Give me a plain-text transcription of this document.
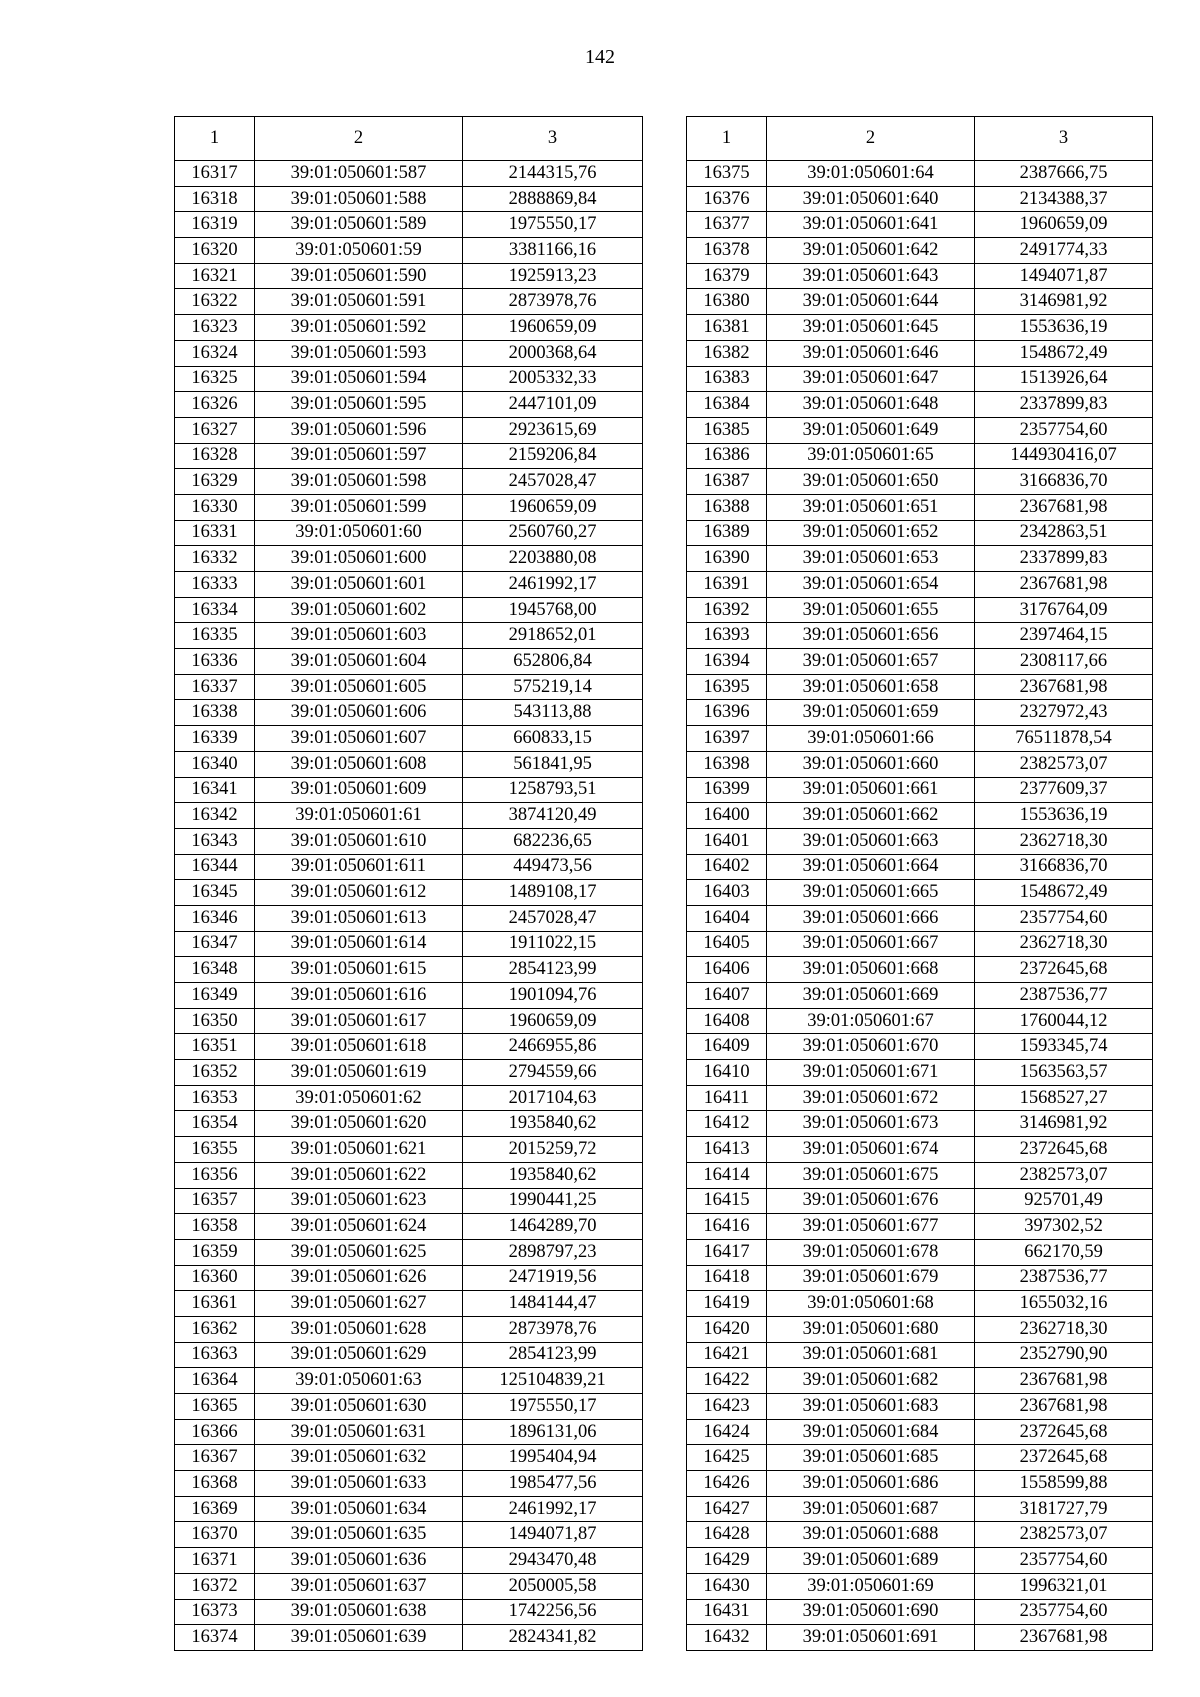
142
1	2	3
16317	39:01:050601:587	2144315,76
16318	39:01:050601:588	2888869,84
16319	39:01:050601:589	1975550,17
16320	39:01:050601:59	3381166,16
16321	39:01:050601:590	1925913,23
16322	39:01:050601:591	2873978,76
16323	39:01:050601:592	1960659,09
16324	39:01:050601:593	2000368,64
16325	39:01:050601:594	2005332,33
16326	39:01:050601:595	2447101,09
16327	39:01:050601:596	2923615,69
16328	39:01:050601:597	2159206,84
16329	39:01:050601:598	2457028,47
16330	39:01:050601:599	1960659,09
16331	39:01:050601:60	2560760,27
16332	39:01:050601:600	2203880,08
16333	39:01:050601:601	2461992,17
16334	39:01:050601:602	1945768,00
16335	39:01:050601:603	2918652,01
16336	39:01:050601:604	652806,84
16337	39:01:050601:605	575219,14
16338	39:01:050601:606	543113,88
16339	39:01:050601:607	660833,15
16340	39:01:050601:608	561841,95
16341	39:01:050601:609	1258793,51
16342	39:01:050601:61	3874120,49
16343	39:01:050601:610	682236,65
16344	39:01:050601:611	449473,56
16345	39:01:050601:612	1489108,17
16346	39:01:050601:613	2457028,47
16347	39:01:050601:614	1911022,15
16348	39:01:050601:615	2854123,99
16349	39:01:050601:616	1901094,76
16350	39:01:050601:617	1960659,09
16351	39:01:050601:618	2466955,86
16352	39:01:050601:619	2794559,66
16353	39:01:050601:62	2017104,63
16354	39:01:050601:620	1935840,62
16355	39:01:050601:621	2015259,72
16356	39:01:050601:622	1935840,62
16357	39:01:050601:623	1990441,25
16358	39:01:050601:624	1464289,70
16359	39:01:050601:625	2898797,23
16360	39:01:050601:626	2471919,56
16361	39:01:050601:627	1484144,47
16362	39:01:050601:628	2873978,76
16363	39:01:050601:629	2854123,99
16364	39:01:050601:63	125104839,21
16365	39:01:050601:630	1975550,17
16366	39:01:050601:631	1896131,06
16367	39:01:050601:632	1995404,94
16368	39:01:050601:633	1985477,56
16369	39:01:050601:634	2461992,17
16370	39:01:050601:635	1494071,87
16371	39:01:050601:636	2943470,48
16372	39:01:050601:637	2050005,58
16373	39:01:050601:638	1742256,56
16374	39:01:050601:639	2824341,82
1	2	3
16375	39:01:050601:64	2387666,75
16376	39:01:050601:640	2134388,37
16377	39:01:050601:641	1960659,09
16378	39:01:050601:642	2491774,33
16379	39:01:050601:643	1494071,87
16380	39:01:050601:644	3146981,92
16381	39:01:050601:645	1553636,19
16382	39:01:050601:646	1548672,49
16383	39:01:050601:647	1513926,64
16384	39:01:050601:648	2337899,83
16385	39:01:050601:649	2357754,60
16386	39:01:050601:65	144930416,07
16387	39:01:050601:650	3166836,70
16388	39:01:050601:651	2367681,98
16389	39:01:050601:652	2342863,51
16390	39:01:050601:653	2337899,83
16391	39:01:050601:654	2367681,98
16392	39:01:050601:655	3176764,09
16393	39:01:050601:656	2397464,15
16394	39:01:050601:657	2308117,66
16395	39:01:050601:658	2367681,98
16396	39:01:050601:659	2327972,43
16397	39:01:050601:66	76511878,54
16398	39:01:050601:660	2382573,07
16399	39:01:050601:661	2377609,37
16400	39:01:050601:662	1553636,19
16401	39:01:050601:663	2362718,30
16402	39:01:050601:664	3166836,70
16403	39:01:050601:665	1548672,49
16404	39:01:050601:666	2357754,60
16405	39:01:050601:667	2362718,30
16406	39:01:050601:668	2372645,68
16407	39:01:050601:669	2387536,77
16408	39:01:050601:67	1760044,12
16409	39:01:050601:670	1593345,74
16410	39:01:050601:671	1563563,57
16411	39:01:050601:672	1568527,27
16412	39:01:050601:673	3146981,92
16413	39:01:050601:674	2372645,68
16414	39:01:050601:675	2382573,07
16415	39:01:050601:676	925701,49
16416	39:01:050601:677	397302,52
16417	39:01:050601:678	662170,59
16418	39:01:050601:679	2387536,77
16419	39:01:050601:68	1655032,16
16420	39:01:050601:680	2362718,30
16421	39:01:050601:681	2352790,90
16422	39:01:050601:682	2367681,98
16423	39:01:050601:683	2367681,98
16424	39:01:050601:684	2372645,68
16425	39:01:050601:685	2372645,68
16426	39:01:050601:686	1558599,88
16427	39:01:050601:687	3181727,79
16428	39:01:050601:688	2382573,07
16429	39:01:050601:689	2357754,60
16430	39:01:050601:69	1996321,01
16431	39:01:050601:690	2357754,60
16432	39:01:050601:691	2367681,98
